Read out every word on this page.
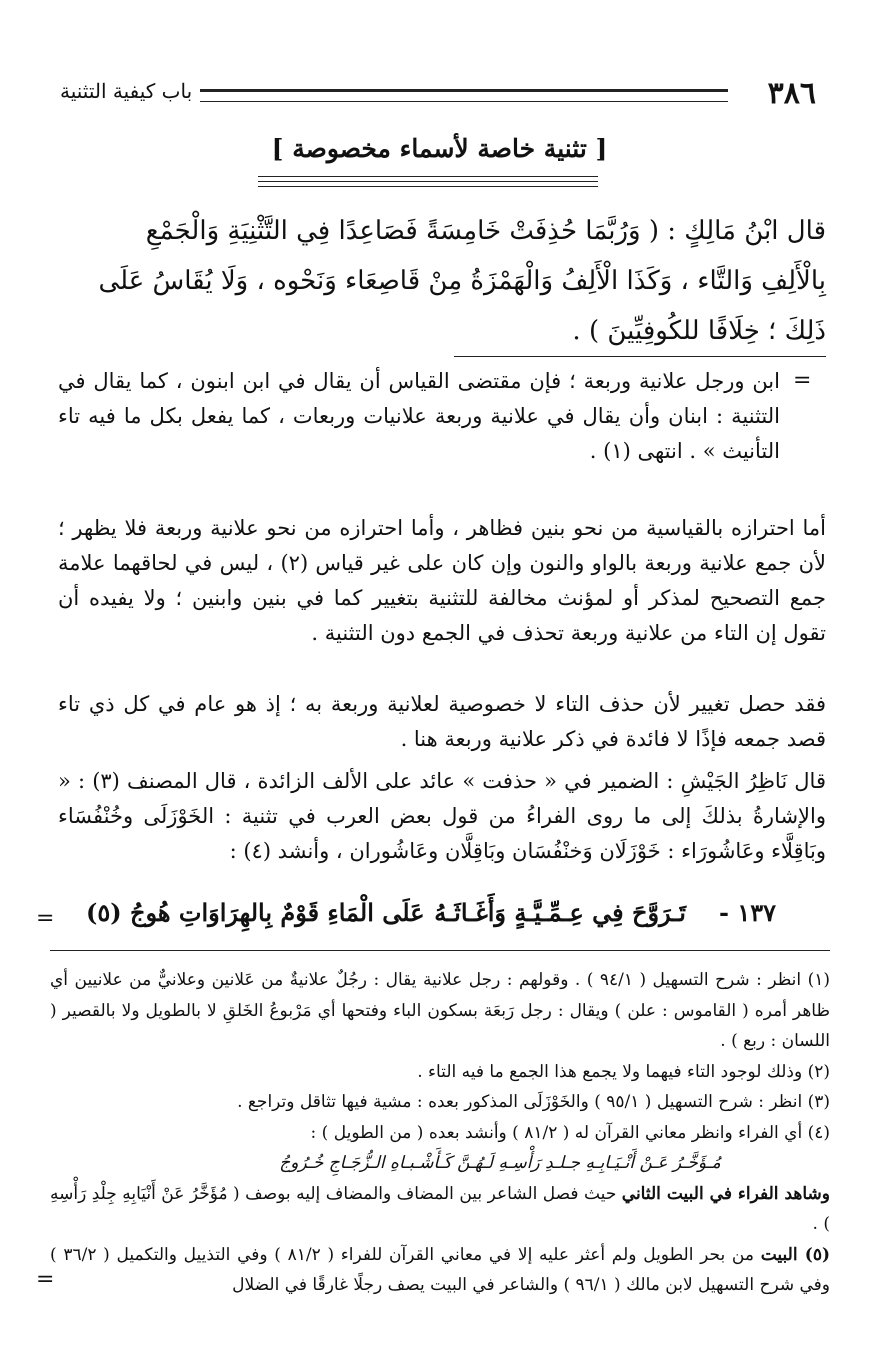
٣٨٦
باب كيفية التثنية
[ تثنية خاصة لأسماء مخصوصة ]
قال ابْنُ مَالِكٍ : ( وَرُبَّمَا حُذِفَتْ خَامِسَةً فَصَاعِدًا فِي التَّثْنِيَةِ وَالْجَمْعِ
بِالْأَلِفِ وَالتَّاء ، وَكَذَا الْأَلِفُ وَالْهَمْزَةُ مِنْ قَاصِعَاء وَنَحْوه ، وَلَا يُقَاسُ عَلَى
ذَلِكَ ؛ خِلَافًا للكُوفِيِّينَ ) .
=
ابن ورجل علانية وربعة ؛ فإن مقتضى القياس أن يقال في ابن ابنون ، كما يقال في التثنية : ابنان وأن يقال في علانية وربعة علانيات وربعات ، كما يفعل بكل ما فيه تاء التأنيث » . انتهى (١) .
أما احترازه بالقياسية من نحو بنين فظاهر ، وأما احترازه من نحو علانية وربعة فلا يظهر ؛ لأن جمع علانية وربعة بالواو والنون وإن كان على غير قياس (٢) ، ليس في لحاقهما علامة جمع التصحيح لمذكر أو لمؤنث مخالفة للتثنية بتغيير كما في بنين وابنين ؛ ولا يفيده أن تقول إن التاء من علانية وربعة تحذف في الجمع دون التثنية .
فقد حصل تغيير لأن حذف التاء لا خصوصية لعلانية وربعة به ؛ إذ هو عام في كل ذي تاء قصد جمعه فإذًا لا فائدة في ذكر علانية وربعة هنا .
قال نَاظِرُ الجَيْشِ : الضمير في « حذفت » عائد على الألف الزائدة ، قال المصنف (٣) : « والإشارةُ بذلكَ إلى ما روى الفراءُ من قول بعض العرب في تثنية : الخَوْزَلَى وخُنْفُسَاء وبَاقِلَّاء وعَاشُورَاء : خَوْزَلَان وَخنْفُسَان وبَاقِلَّان وعَاشُوران ، وأنشد (٤) :
١٣٧ -
تَـرَوَّحَ فِي عِـمِّـيَّـةٍ وَأَغَـاثَـهُ
عَلَى الْمَاءِ قَوْمٌ بِالهِرَاوَاتِ هُوجُ (٥)
=
(١) انظر : شرح التسهيل ( ٩٤/١ ) . وقولهم : رجل علانية يقال : رجُلٌ علانيةٌ من عَلانين وعلانيٌّ من علانيين أي ظاهر أمره ( القاموس : علن ) ويقال : رجل رَبعَة بسكون الباء وفتحها أي مَرْبوعُ الخَلقِ لا بالطويل ولا بالقصير ( اللسان : ربع ) .
(٢) وذلك لوجود التاء فيهما ولا يجمع هذا الجمع ما فيه التاء .
(٣) انظر : شرح التسهيل ( ٩٥/١ ) والخَوْزَلَى المذكور بعده : مشية فيها تثاقل وتراجع .
(٤) أي الفراء وانظر معاني القرآن له ( ٨١/٢ ) وأنشد بعده ( من الطويل ) :
مُـؤَخَّـرُ عَـنْ أَنْـيَـابِـهِ جـلـدِ رَأْسِـهِ لَـهُـنَّ كَـأَشْـبـاهِ الـزُّجَـاجِ خُـرُوجُ
وشاهد الفراء في البيت الثاني حيث فصل الشاعر بين المضاف والمضاف إليه بوصف ( مُؤَخَّرُ عَنْ أَنْيَابِهِ جِلْدِ رَأْسِهِ ) .
(٥) البيت من بحر الطويل ولم أعثر عليه إلا في معاني القرآن للفراء ( ٨١/٢ ) وفي التذييل والتكميل ( ٣٦/٢ ) وفي شرح التسهيل لابن مالك ( ٩٦/١ ) والشاعر في البيت يصف رجلًا غارقًا في الضلال
=
